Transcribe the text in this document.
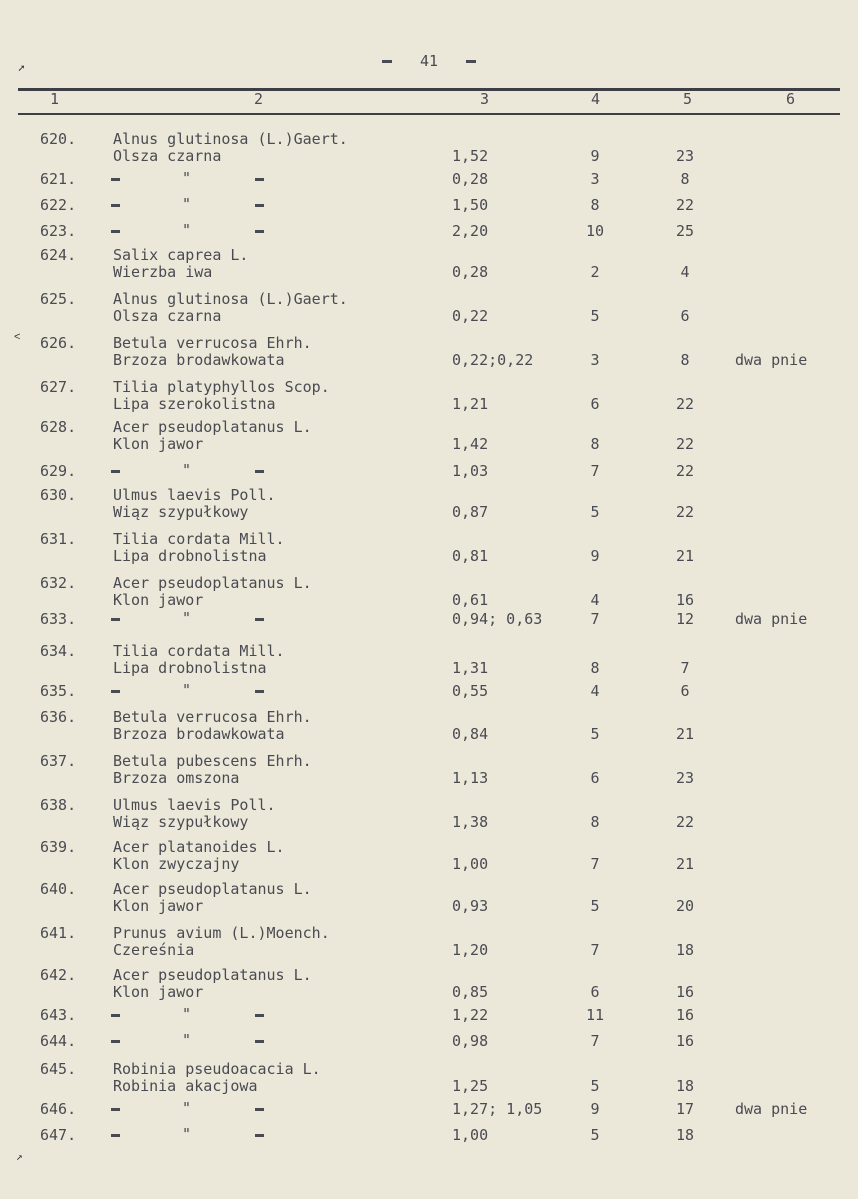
41
1	2	3	4	5	6
620. Alnus glutinosa (L.)Gaert.
Olsza czarna	1,52	9	23
621.	"	0,28	3	8
622.	"	1,50	8	22
623.	"	2,20	10	25
624. Salix caprea L.
Wierzba iwa	0,28	2	4
625. Alnus glutinosa (L.)Gaert.
Olsza czarna	0,22	5	6
626. Betula verrucosa Ehrh.
Brzoza brodawkowata	0,22;0,22	3	8	dwa pnie
627. Tilia platyphyllos Scop.
Lipa szerokolistna	1,21	6	22
628. Acer pseudoplatanus L.
Klon jawor	1,42	8	22
629.	"	1,03	7	22
630. Ulmus laevis Poll.
Wiąz szypułkowy	0,87	5	22
631. Tilia cordata Mill.
Lipa drobnolistna	0,81	9	21
632. Acer pseudoplatanus L.
Klon jawor	0,61	4	16
633.	"	0,94; 0,63	7	12	dwa pnie
634. Tilia cordata Mill.
Lipa drobnolistna	1,31	8	7
635.	"	0,55	4	6
636. Betula verrucosa Ehrh.
Brzoza brodawkowata	0,84	5	21
637. Betula pubescens Ehrh.
Brzoza omszona	1,13	6	23
638. Ulmus laevis Poll.
Wiąz szypułkowy	1,38	8	22
639. Acer platanoides L.
Klon zwyczajny	1,00	7	21
640. Acer pseudoplatanus L.
Klon jawor	0,93	5	20
641. Prunus avium (L.)Moench.
Czereśnia	1,20	7	18
642. Acer pseudoplatanus L.
Klon jawor	0,85	6	16
643.	"	1,22	11	16
644.	"	0,98	7	16
645. Robinia pseudoacacia L.
Robinia akacjowa	1,25	5	18
646.	"	1,27; 1,05	9	17	dwa pnie
647.	"	1,00	5	18
➚
˂
↗
